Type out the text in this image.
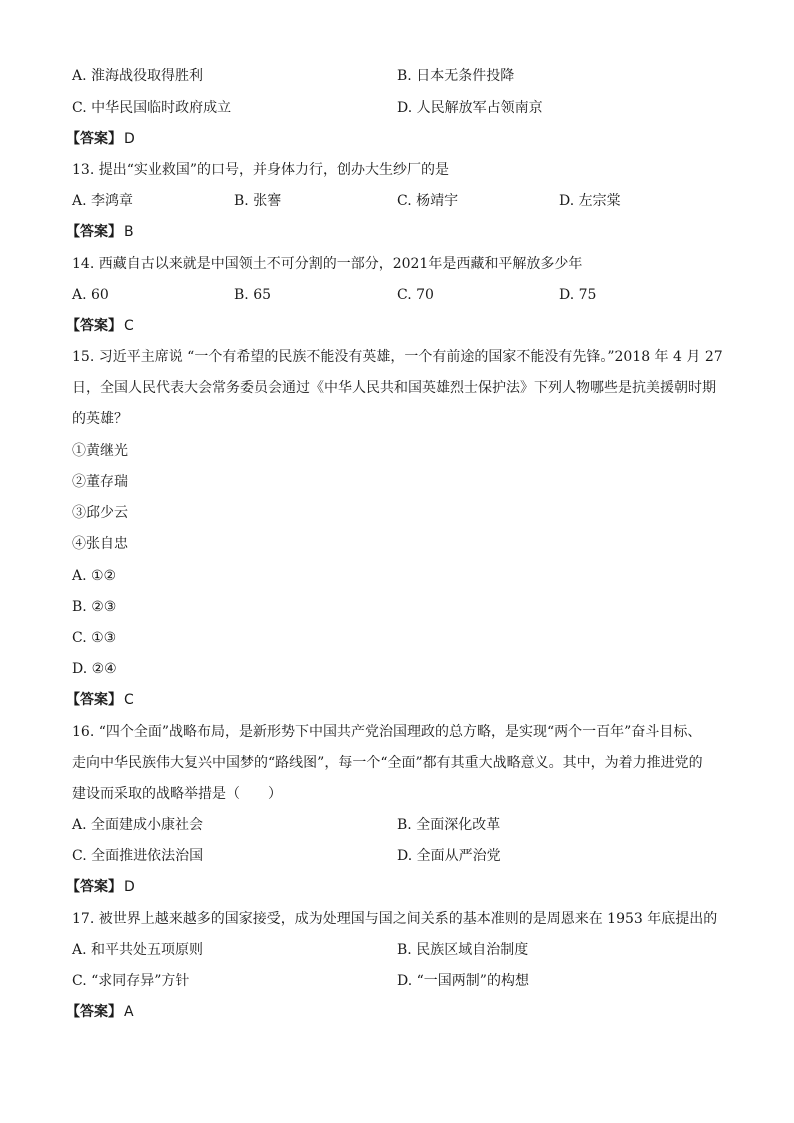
A. 淮海战役取得胜利	B. 日本无条件投降
C. 中华民国临时政府成立	D. 人民解放军占领南京
【答案】 D
13. 提出“实业救国”的口号，并身体力行，创办大生纱厂的是
A. 李鸿章	B. 张謇	C. 杨靖宇	D. 左宗棠
【答案】 B
14. 西藏自古以来就是中国领土不可分割的一部分，2021年是西藏和平解放多少年
A. 60	B. 65	C. 70	D. 75
【答案】 C
15. 习近平主席说 “一个有希望的民族不能没有英雄，一个有前途的国家不能没有先锋。”2018 年 4 月 27
日，全国人民代表大会常务委员会通过《中华人民共和国英雄烈士保护法》下列人物哪些是抗美援朝时期
的英雄？
①黄继光
②董存瑞
③邱少云
④张自忠
A. ①②
B. ②③
C. ①③
D. ②④
【答案】 C
16. “四个全面”战略布局，是新形势下中国共产党治国理政的总方略，是实现“两个一百年”奋斗目标、
走向中华民族伟大复兴中国梦的“路线图”，每一个“全面”都有其重大战略意义。其中，为着力推进党的
建设而采取的战略举措是（　　）
A. 全面建成小康社会	B. 全面深化改革
C. 全面推进依法治国	D. 全面从严治党
【答案】 D
17. 被世界上越来越多的国家接受，成为处理国与国之间关系的基本准则的是周恩来在 1953 年底提出的
A. 和平共处五项原则	B. 民族区域自治制度
C. “求同存异”方针	D. “一国两制”的构想
【答案】 A
